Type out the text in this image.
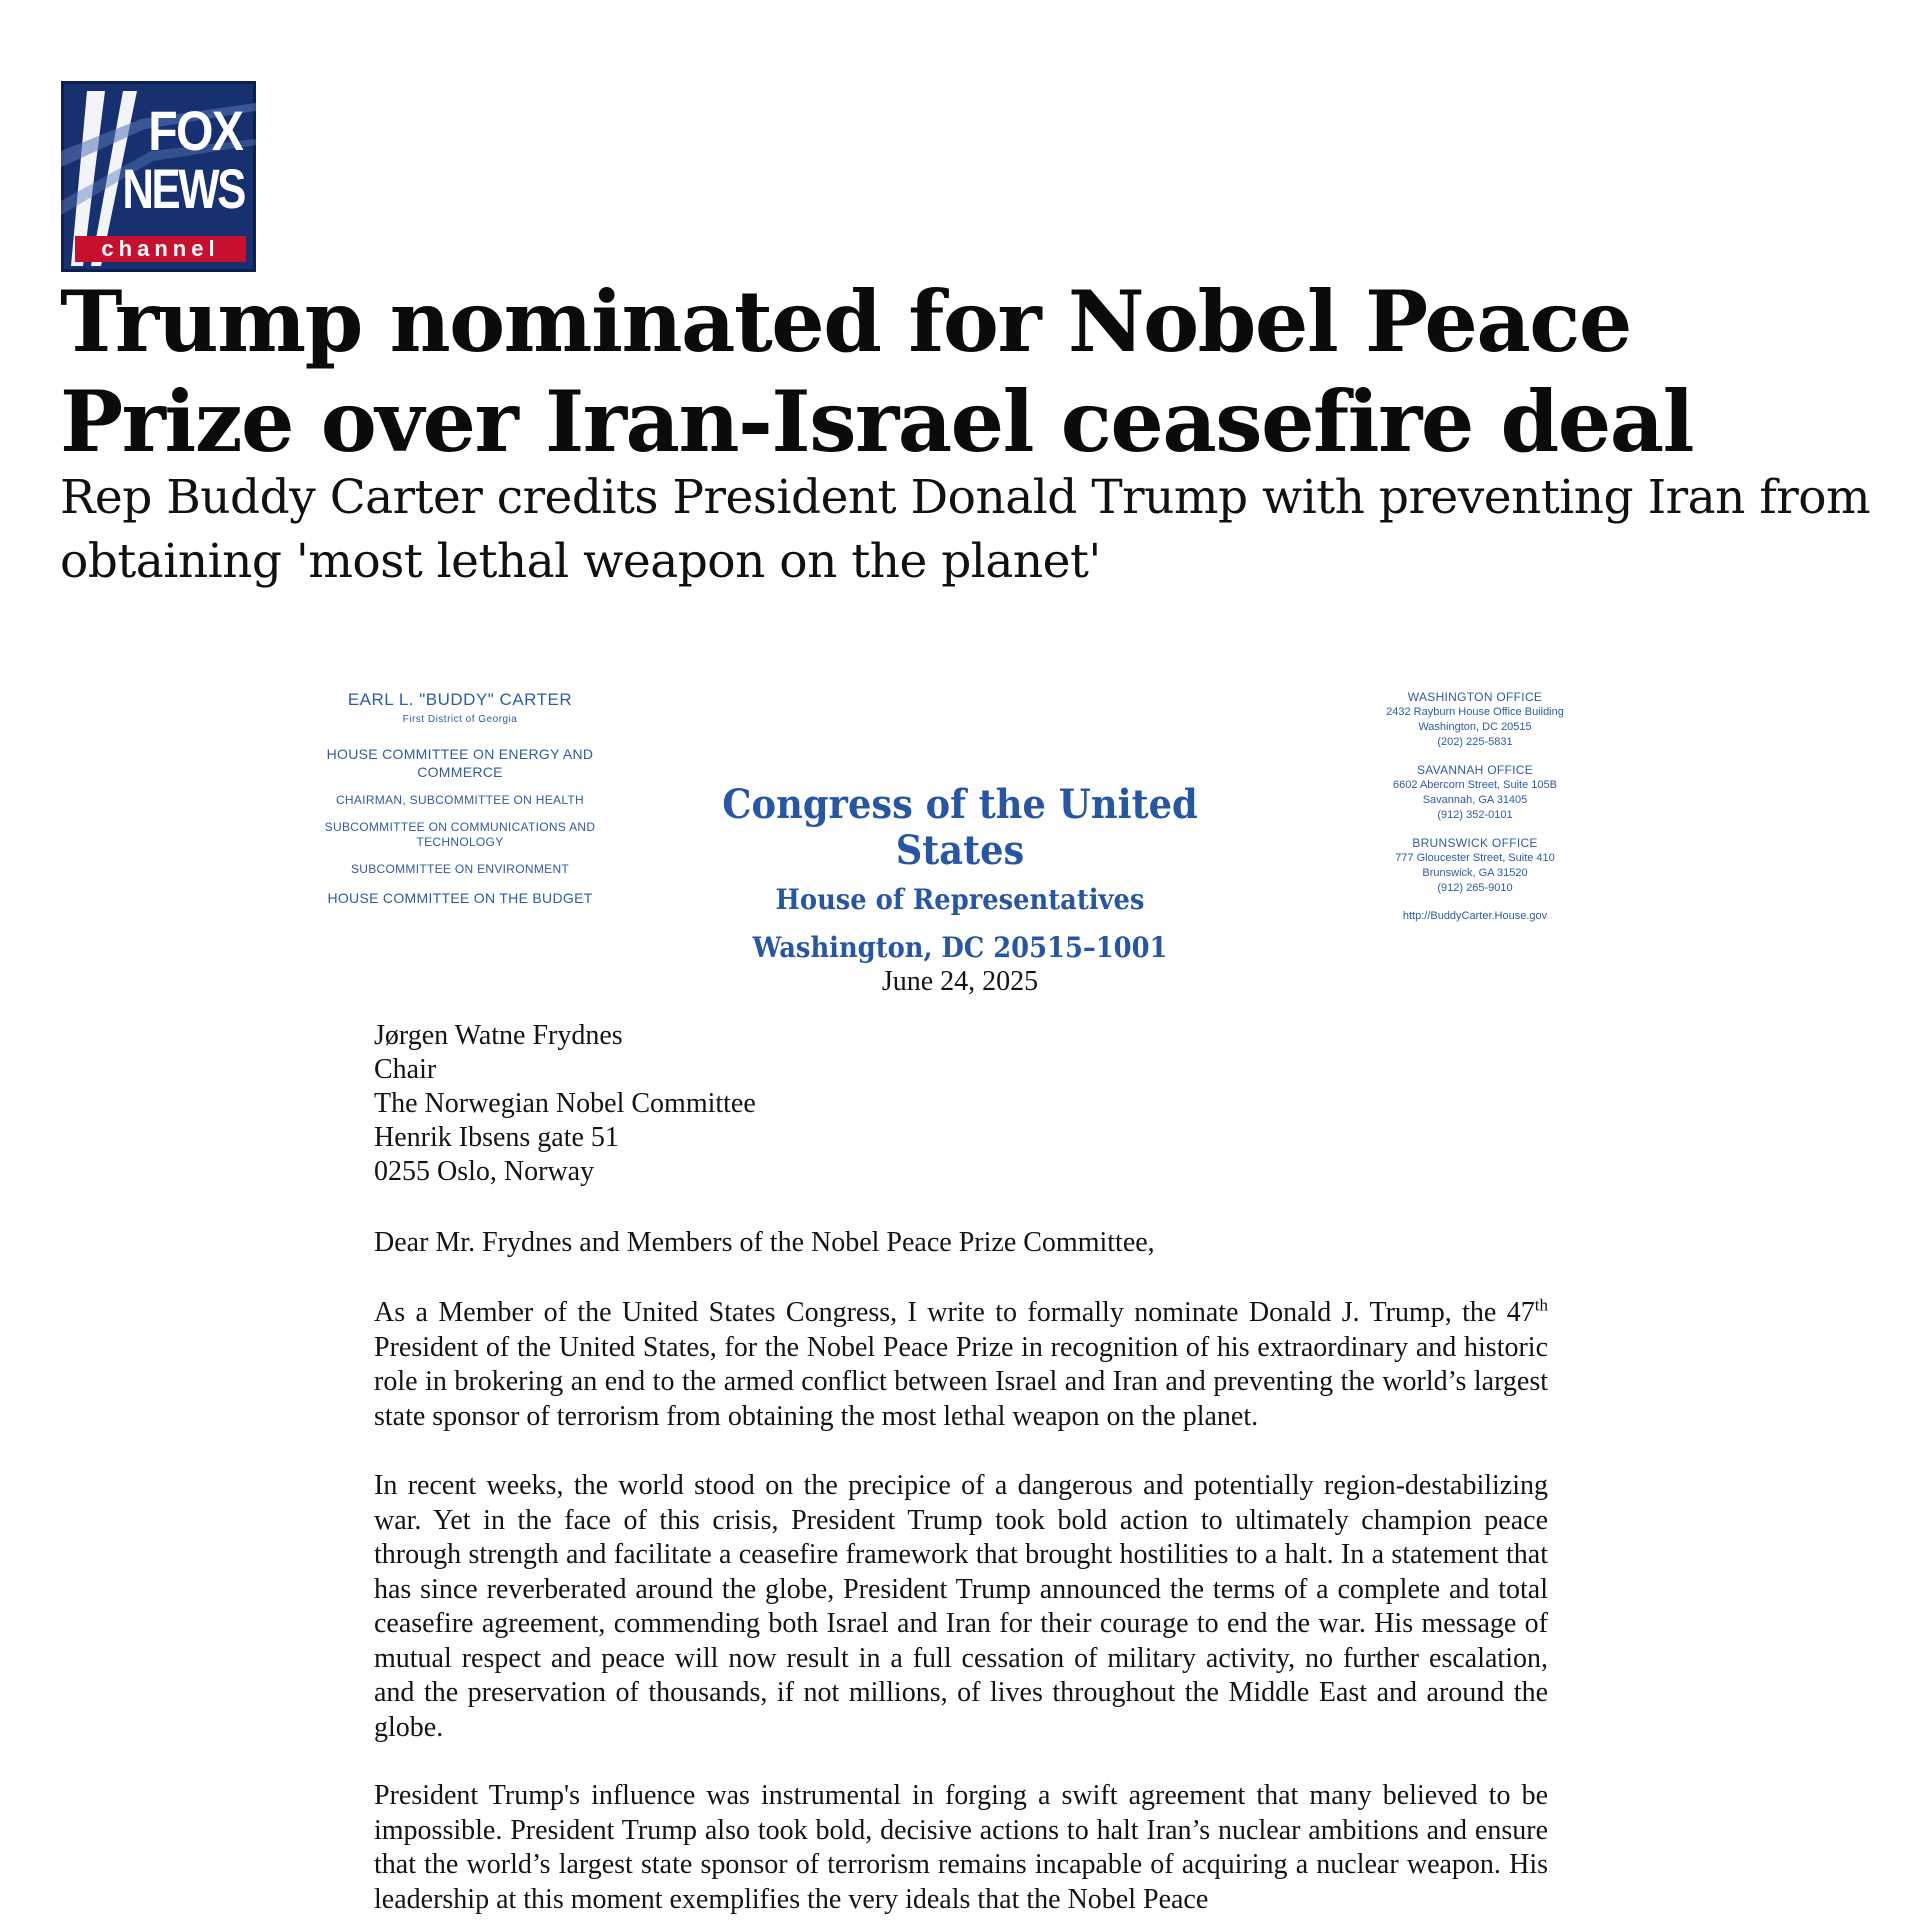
FOX
NEWS
channel
Trump nominated for Nobel Peace Prize over Iran-Israel ceasefire deal

Rep Buddy Carter credits President Donald Trump with preventing Iran from obtaining 'most lethal weapon on the planet'

EARL L. "BUDDY" CARTER
First District of Georgia
HOUSE COMMITTEE ON ENERGY AND COMMERCE
CHAIRMAN, SUBCOMMITTEE ON HEALTH
SUBCOMMITTEE ON COMMUNICATIONS AND TECHNOLOGY
SUBCOMMITTEE ON ENVIRONMENT
HOUSE COMMITTEE ON THE BUDGET
Congress of the United States
House of Representatives
Washington, DC 20515–1001
WASHINGTON OFFICE
2432 Rayburn House Office Building
Washington, DC 20515
(202) 225-5831
SAVANNAH OFFICE
6602 Abercorn Street, Suite 105B
Savannah, GA 31405
(912) 352-0101
BRUNSWICK OFFICE
777 Gloucester Street, Suite 410
Brunswick, GA 31520
(912) 265-9010
http://BuddyCarter.House.gov
June 24, 2025
Jørgen Watne Frydnes
Chair
The Norwegian Nobel Committee
Henrik Ibsens gate 51
0255 Oslo, Norway
Dear Mr. Frydnes and Members of the Nobel Peace Prize Committee,

As a Member of the United States Congress, I write to formally nominate Donald J. Trump, the 47th President of the United States, for the Nobel Peace Prize in recognition of his extraordinary and historic role in brokering an end to the armed conflict between Israel and Iran and preventing the world’s largest state sponsor of terrorism from obtaining the most lethal weapon on the planet.

In recent weeks, the world stood on the precipice of a dangerous and potentially region-destabilizing war. Yet in the face of this crisis, President Trump took bold action to ultimately champion peace through strength and facilitate a ceasefire framework that brought hostilities to a halt. In a statement that has since reverberated around the globe, President Trump announced the terms of a complete and total ceasefire agreement, commending both Israel and Iran for their courage to end the war. His message of mutual respect and peace will now result in a full cessation of military activity, no further escalation, and the preservation of thousands, if not millions, of lives throughout the Middle East and around the globe.

President Trump's influence was instrumental in forging a swift agreement that many believed to be impossible. President Trump also took bold, decisive actions to halt Iran’s nuclear ambitions and ensure that the world’s largest state sponsor of terrorism remains incapable of acquiring a nuclear weapon. His leadership at this moment exemplifies the very ideals that the Nobel Peace
